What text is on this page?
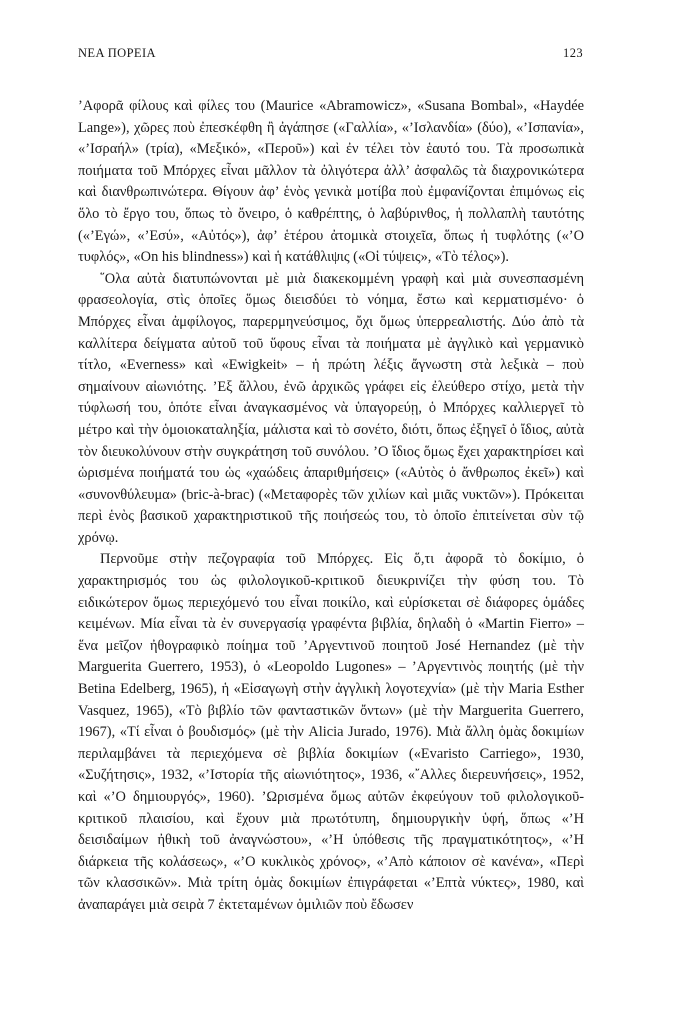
ΝΕΑ ΠΟΡΕΙΑ	123

’Αφορᾶ φίλους καὶ φίλες του (Maurice «Abramowicz», «Susana Bombal», «Haydée Lange»), χῶρες ποὺ ἐπεσκέφθη ἢ ἀγάπησε («Γαλλία», «’Ισλανδία» (δύο), «’Ισπανία», «’Ισραήλ» (τρία), «Μεξικό», «Περοῦ») καὶ ἐν τέλει τὸν ἑαυτό του. Τὰ προσωπικὰ ποιήματα τοῦ Μπόρχες εἶναι μᾶλλον τὰ ὀλιγότερα ἀλλ’ ἀσφαλῶς τὰ διαχρονικώτερα καὶ διανθρωπινώτερα. Θίγουν ἀφ’ ἑνὸς γενικὰ μοτίβα ποὺ ἐμφανίζονται ἐπιμόνως εἰς ὅλο τὸ ἔργο του, ὅπως τὸ ὄνειρο, ὁ καθρέπτης, ὁ λαβύρινθος, ἡ πολλαπλὴ ταυτότης («’Εγώ», «’Εσύ», «Αὐτός»), ἀφ’ ἑτέρου ἀτομικὰ στοιχεῖα, ὅπως ἡ τυφλότης («’Ο τυφλός», «On his blindness») καὶ ἡ κατάθλιψις («Οἱ τύψεις», «Τὸ τέλος»).

῞Ολα αὐτὰ διατυπώνονται μὲ μιὰ διακεκομμένη γραφὴ καὶ μιὰ συνεσπασμένη φρασεολογία, στὶς ὁποῖες ὅμως διεισδύει τὸ νόημα, ἔστω καὶ κερματισμένο· ὁ Μπόρχες εἶναι ἀμφίλογος, παρερμηνεύσιμος, ὄχι ὅμως ὑπερρεαλιστής. Δύο ἀπὸ τὰ καλλίτερα δείγματα αὐτοῦ τοῦ ὕφους εἶναι τὰ ποιήματα μὲ ἀγγλικὸ καὶ γερμανικὸ τίτλο, «Everness» καὶ «Ewigkeit» – ἡ πρώτη λέξις ἄγνωστη στὰ λεξικὰ – ποὺ σημαίνουν αἰωνιότης. ’Εξ ἄλλου, ἐνῶ ἀρχικῶς γράφει εἰς ἐλεύθερο στίχο, μετὰ τὴν τύφλωσή του, ὁπότε εἶναι ἀναγκασμένος νὰ ὑπαγορεύῃ, ὁ Μπόρχες καλλιεργεῖ τὸ μέτρο καὶ τὴν ὁμοιοκαταληξία, μάλιστα καὶ τὸ σονέτο, διότι, ὅπως ἐξηγεῖ ὁ ἴδιος, αὐτὰ τὸν διευκολύνουν στὴν συγκράτηση τοῦ συνόλου. ’Ο ἴδιος ὅμως ἔχει χαρακτηρίσει καὶ ὡρισμένα ποιήματά του ὡς «χαώδεις ἀπαριθμήσεις» («Αὐτὸς ὁ ἄνθρωπος ἐκεῖ») καὶ «συνονθύλευμα» (bric-à-brac) («Μεταφορὲς τῶν χιλίων καὶ μιᾶς νυκτῶν»). Πρόκειται περὶ ἑνὸς βασικοῦ χαρακτηριστικοῦ τῆς ποιήσεώς του, τὸ ὁποῖο ἐπιτείνεται σὺν τῷ χρόνῳ.

Περνοῦμε στὴν πεζογραφία τοῦ Μπόρχες. Εἰς ὅ,τι ἀφορᾶ τὸ δοκίμιο, ὁ χαρακτηρισμός του ὡς φιλολογικοῦ-κριτικοῦ διευκρινίζει τὴν φύση του. Τὸ ειδικώτερον ὅμως περιεχόμενό του εἶναι ποικίλο, καὶ εὑρίσκεται σὲ διάφορες ὁμάδες κειμένων. Μία εἶναι τὰ ἐν συνεργασίᾳ γραφέντα βιβλία, δηλαδὴ ὁ «Martin Fierro» – ἕνα μεῖζον ἠθογραφικὸ ποίημα τοῦ ’Αργεντινοῦ ποιητοῦ José Hernandez (μὲ τὴν Marguerita Guerrero, 1953), ὁ «Leopoldo Lugones» – ’Αργεντινὸς ποιητής (μὲ τὴν Betina Edelberg, 1965), ἡ «Εἰσαγωγὴ στὴν ἀγγλικὴ λογοτεχνία» (μὲ τὴν Maria Esther Vasquez, 1965), «Τὸ βιβλίο τῶν φανταστικῶν ὄντων» (μὲ τὴν Marguerita Guerrero, 1967), «Τί εἶναι ὁ βουδισμός» (μὲ τὴν Alicia Jurado, 1976). Μιὰ ἄλλη ὁμὰς δοκιμίων περιλαμβάνει τὰ περιεχόμενα σὲ βιβλία δοκιμίων («Evaristo Carriego», 1930, «Συζήτησις», 1932, «’Ιστορία τῆς αἰωνιότητος», 1936, «῎Αλλες διερευνήσεις», 1952, καὶ «’Ο δημιουργός», 1960). ’Ωρισμένα ὅμως αὐτῶν ἐκφεύγουν τοῦ φιλολογικοῦ-κριτικοῦ πλαισίου, καὶ ἔχουν μιὰ πρωτότυπη, δημιουργικὴν ὑφή, ὅπως «’Η δεισιδαίμων ἠθικὴ τοῦ ἀναγνώστου», «’Η ὑπόθεσις τῆς πραγματικότητος», «’Η διάρκεια τῆς κολάσεως», «’Ο κυκλικὸς χρόνος», «’Απὸ κάποιον σὲ κανένα», «Περὶ τῶν κλασσικῶν». Μιὰ τρίτη ὁμὰς δοκιμίων ἐπιγράφεται «’Επτὰ νύκτες», 1980, καὶ ἀναπαράγει μιὰ σειρὰ 7 ἐκτεταμένων ὁμιλιῶν ποὺ ἔδωσεν
